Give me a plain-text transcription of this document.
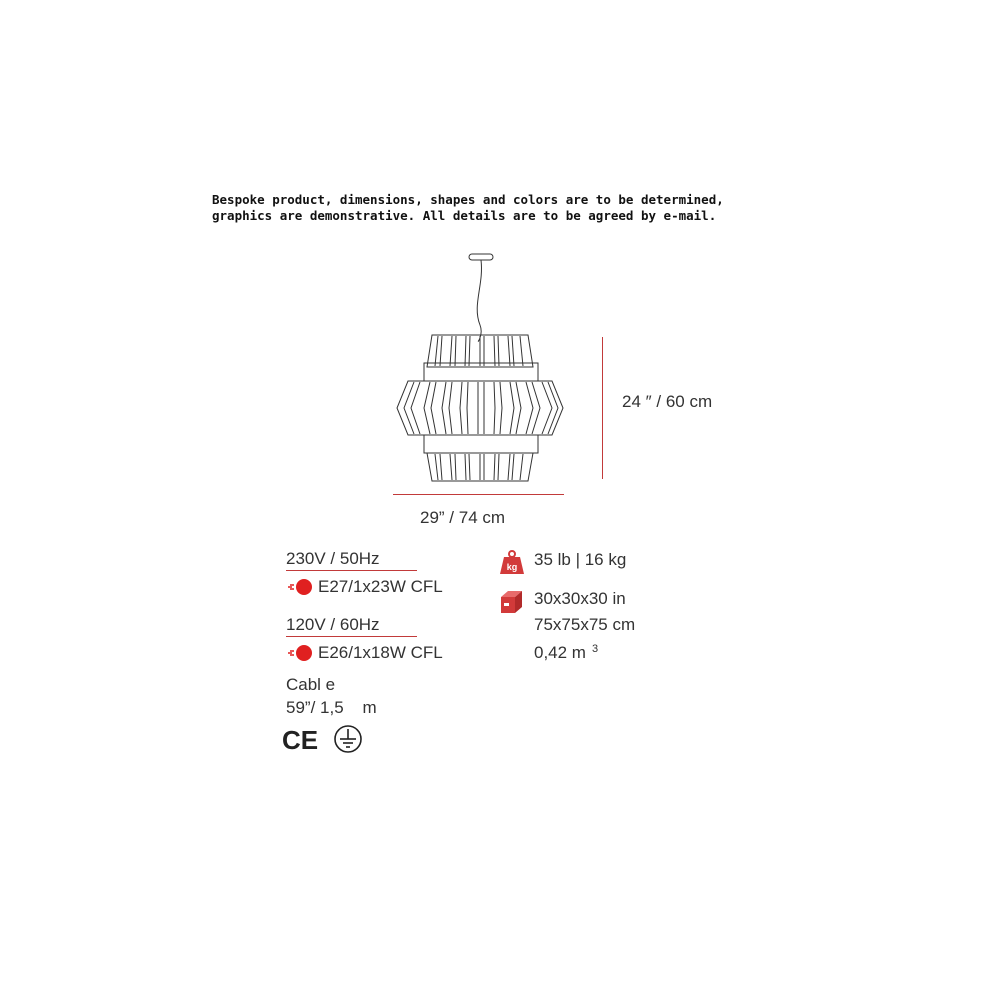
Bespoke product, dimensions, shapes and colors are to be determined,
graphics are demonstrative. All details are to be agreed by e-mail.
24 ″ / 60 cm
29” / 74 cm
230V / 50Hz
E27/1x23W CFL
120V / 60Hz
E26/1x18W CFL
Cabl e
59”/ 1,5    m
CE
kg 35 lb | 16 kg
30x30x30 in
75x75x75 cm
0,42 m $^3$
